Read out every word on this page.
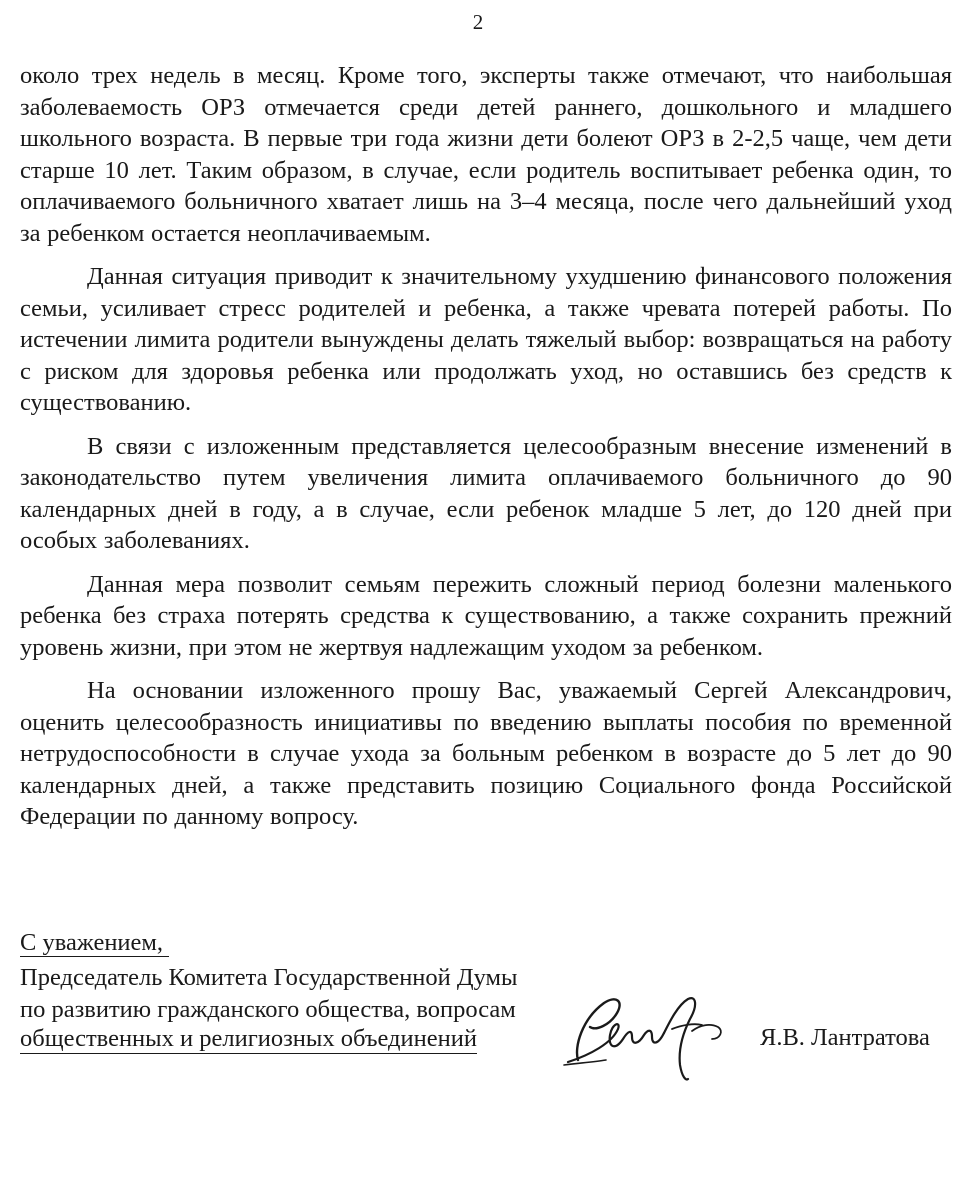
2

около трех недель в месяц. Кроме того, эксперты также отмечают, что наибольшая заболеваемость ОРЗ отмечается среди детей раннего, дошкольного и младшего школьного возраста. В первые три года жизни дети болеют ОРЗ в 2-2,5 чаще, чем дети старше 10 лет. Таким образом, в случае, если родитель воспитывает ребенка один, то оплачиваемого больничного хватает лишь на 3–4 месяца, после чего дальнейший уход за ребенком остается неоплачиваемым.

Данная ситуация приводит к значительному ухудшению финансового положения семьи, усиливает стресс родителей и ребенка, а также чревата потерей работы. По истечении лимита родители вынуждены делать тяжелый выбор: возвращаться на работу с риском для здоровья ребенка или продолжать уход, но оставшись без средств к существованию.

В связи с изложенным представляется целесообразным внесение изменений в законодательство путем увеличения лимита оплачиваемого больничного до 90 календарных дней в году, а в случае, если ребенок младше 5 лет, до 120 дней при особых заболеваниях.

Данная мера позволит семьям пережить сложный период болезни маленького ребенка без страха потерять средства к существованию, а также сохранить прежний уровень жизни, при этом не жертвуя надлежащим уходом за ребенком.

На основании изложенного прошу Вас, уважаемый Сергей Александрович, оценить целесообразность инициативы по введению выплаты пособия по временной нетрудоспособности в случае ухода за больным ребенком в возрасте до 5 лет до 90 календарных дней, а также представить позицию Социального фонда Российской Федерации по данному вопросу.

С уважением,
Председатель Комитета Государственной Думы
по развитию гражданского общества, вопросам
общественных и религиозных объединений	Я.В. Лантратова
